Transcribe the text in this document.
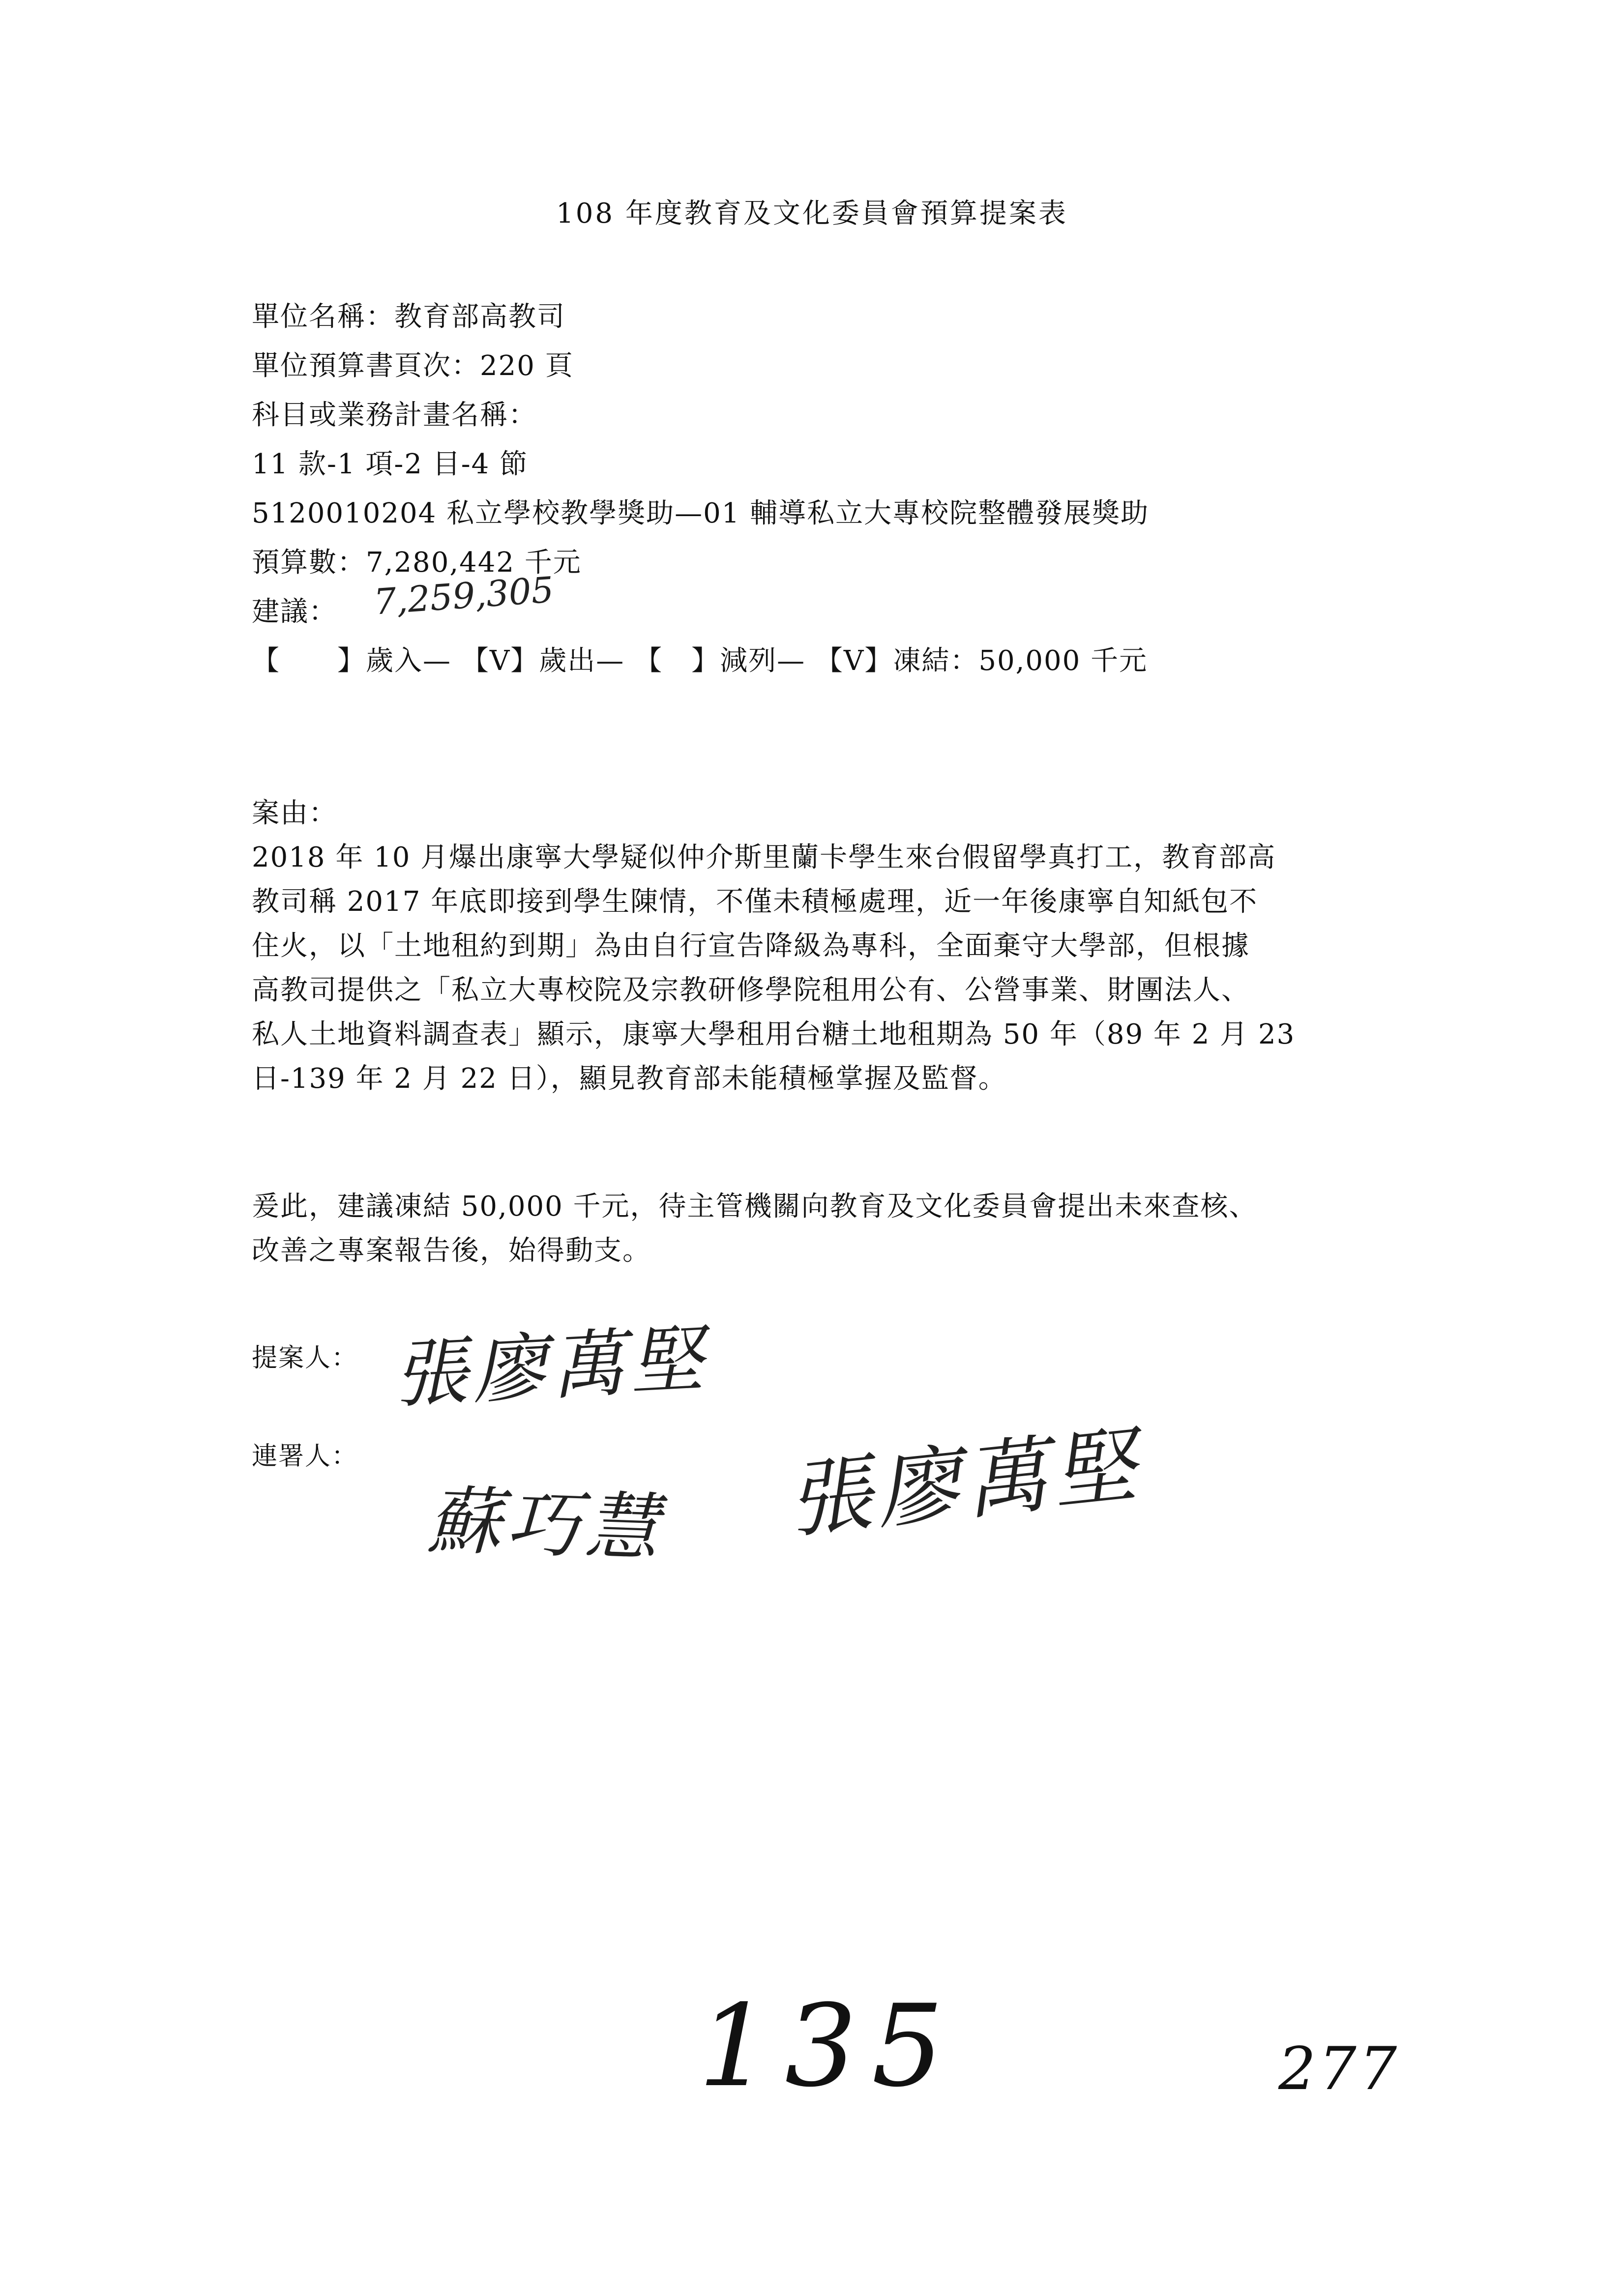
108 年度教育及文化委員會預算提案表
單位名稱：教育部高教司
單位預算書頁次：220 頁
科目或業務計畫名稱：
11 款-1 項-2 目-4 節
5120010204 私立學校教學獎助—01 輔導私立大專校院整體發展獎助
預算數：7,280,442 千元
建議： 7,259,305
【　　】歲入— 【V】歲出— 【　】減列— 【V】凍結：50,000 千元
案由：
2018 年 10 月爆出康寧大學疑似仲介斯里蘭卡學生來台假留學真打工，教育部高
教司稱 2017 年底即接到學生陳情，不僅未積極處理，近一年後康寧自知紙包不
住火，以「土地租約到期」為由自行宣告降級為專科，全面棄守大學部，但根據
高教司提供之「私立大專校院及宗教研修學院租用公有、公營事業、財團法人、
私人土地資料調查表」顯示，康寧大學租用台糖土地租期為 50 年（89 年 2 月 23
日-139 年 2 月 22 日），顯見教育部未能積極掌握及監督。
爰此，建議凍結 50,000 千元，待主管機關向教育及文化委員會提出未來查核、
改善之專案報告後，始得動支。
提案人： 張廖萬堅
連署人：
蘇巧慧 張廖萬堅
135	277
